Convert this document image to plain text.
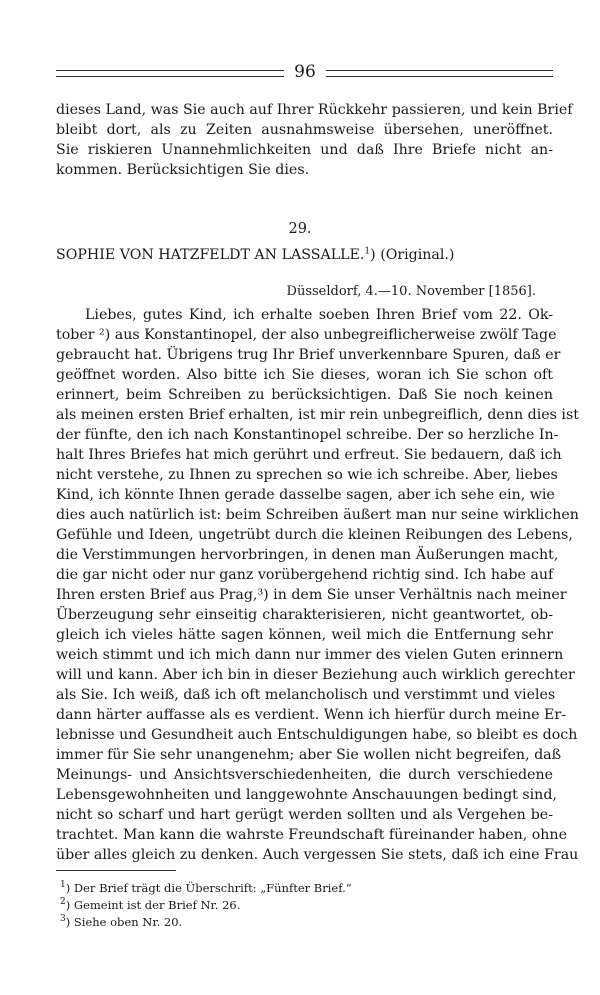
96
dieses Land, was Sie auch auf Ihrer Rückkehr passieren, und kein Brief
bleibt dort, als zu Zeiten ausnahmsweise übersehen, uneröffnet.
Sie riskieren Unannehmlichkeiten und daß Ihre Briefe nicht an-
kommen. Berücksichtigen Sie dies.
29.
SOPHIE VON HATZFELDT AN LASSALLE.$^1$) (Original.)
Düsseldorf, 4.—10. November [1856].
Liebes, gutes Kind, ich erhalte soeben Ihren Brief vom 22. Ok-
tober ²) aus Konstantinopel, der also unbegreiflicherweise zwölf Tage
gebraucht hat. Übrigens trug Ihr Brief unverkennbare Spuren, daß er
geöffnet worden. Also bitte ich Sie dieses, woran ich Sie schon oft
erinnert, beim Schreiben zu berücksichtigen. Daß Sie noch keinen
als meinen ersten Brief erhalten, ist mir rein unbegreiflich, denn dies ist
der fünfte, den ich nach Konstantinopel schreibe. Der so herzliche In-
halt Ihres Briefes hat mich gerührt und erfreut. Sie bedauern, daß ich
nicht verstehe, zu Ihnen zu sprechen so wie ich schreibe. Aber, liebes
Kind, ich könnte Ihnen gerade dasselbe sagen, aber ich sehe ein, wie
dies auch natürlich ist: beim Schreiben äußert man nur seine wirklichen
Gefühle und Ideen, ungetrübt durch die kleinen Reibungen des Lebens,
die Verstimmungen hervorbringen, in denen man Äußerungen macht,
die gar nicht oder nur ganz vorübergehend richtig sind. Ich habe auf
Ihren ersten Brief aus Prag,³) in dem Sie unser Verhältnis nach meiner
Überzeugung sehr einseitig charakterisieren, nicht geantwortet, ob-
gleich ich vieles hätte sagen können, weil mich die Entfernung sehr
weich stimmt und ich mich dann nur immer des vielen Guten erinnern
will und kann. Aber ich bin in dieser Beziehung auch wirklich gerechter
als Sie. Ich weiß, daß ich oft melancholisch und verstimmt und vieles
dann härter auffasse als es verdient. Wenn ich hierfür durch meine Er-
lebnisse und Gesundheit auch Entschuldigungen habe, so bleibt es doch
immer für Sie sehr unangenehm; aber Sie wollen nicht begreifen, daß
Meinungs- und Ansichtsverschiedenheiten, die durch verschiedene
Lebensgewohnheiten und langgewohnte Anschauungen bedingt sind,
nicht so scharf und hart gerügt werden sollten und als Vergehen be-
trachtet. Man kann die wahrste Freundschaft füreinander haben, ohne
über alles gleich zu denken. Auch vergessen Sie stets, daß ich eine Frau
$^1$) Der Brief trägt die Überschrift: „Fünfter Brief.“
$^2$) Gemeint ist der Brief Nr. 26.
$^3$) Siehe oben Nr. 20.
